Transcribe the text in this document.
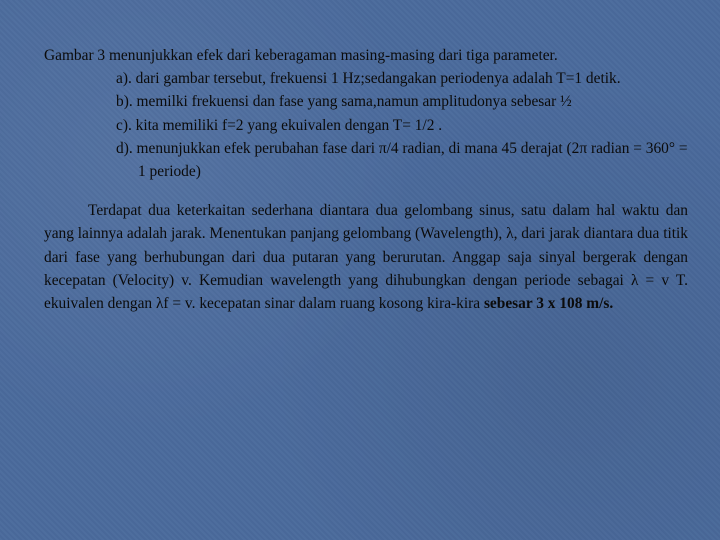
Gambar 3 menunjukkan efek dari keberagaman masing-masing dari tiga parameter.

a). dari gambar tersebut, frekuensi 1 Hz;sedangakan periodenya adalah T=1 detik.
b). memilki frekuensi dan fase yang sama,namun amplitudonya sebesar ½
c). kita memiliki f=2 yang ekuivalen dengan T= 1/2 .
d). menunjukkan efek perubahan fase dari π/4 radian, di mana 45 derajat (2π radian = 360° = 1 periode)

Terdapat dua keterkaitan sederhana diantara dua gelombang sinus, satu dalam hal waktu dan yang lainnya adalah jarak. Menentukan panjang gelombang (Wavelength), λ, dari jarak diantara dua titik dari fase yang berhubungan dari dua putaran yang berurutan. Anggap saja sinyal bergerak dengan kecepatan (Velocity) v. Kemudian wavelength yang dihubungkan dengan periode sebagai λ = v T. ekuivalen dengan λf = v. kecepatan sinar dalam ruang kosong kira-kira sebesar 3 x 108 m/s.
